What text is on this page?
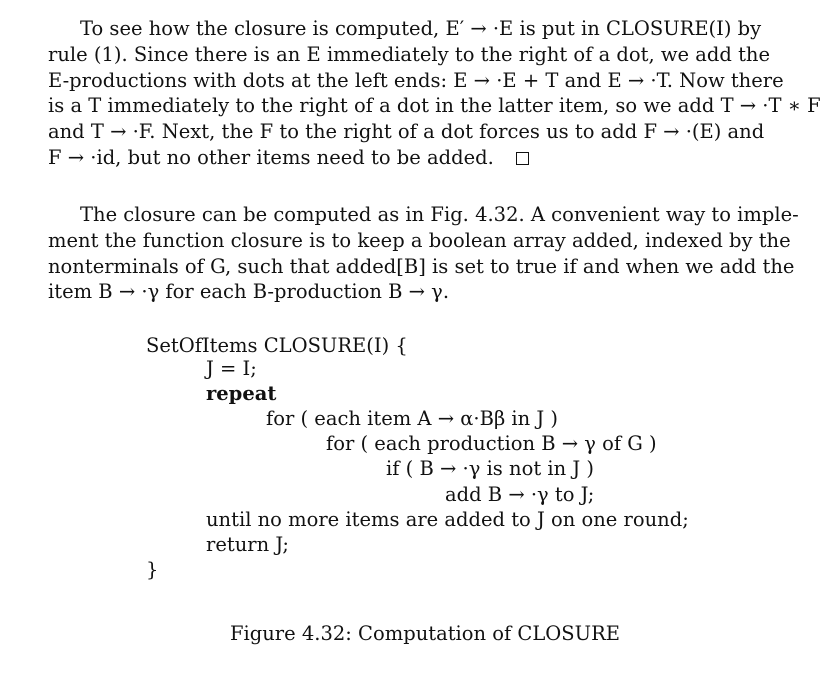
To see how the closure is computed, E′ → ·E is put in CLOSURE(I) by
rule (1). Since there is an E immediately to the right of a dot, we add the
E-productions with dots at the left ends: E → ·E + T and E → ·T. Now there
is a T immediately to the right of a dot in the latter item, so we add T → ·T ∗ F
and T → ·F. Next, the F to the right of a dot forces us to add F → ·(E) and
F → ·id, but no other items need to be added.
The closure can be computed as in Fig. 4.32. A convenient way to imple-
ment the function closure is to keep a boolean array added, indexed by the
nonterminals of G, such that added[B] is set to true if and when we add the
item B → ·γ for each B-production B → γ.
SetOfItems CLOSURE(I) {
J = I;
repeat
for ( each item A → α·Bβ in J )
for ( each production B → γ of G )
if ( B → ·γ is not in J )
add B → ·γ to J;
until no more items are added to J on one round;
return J;
}
Figure 4.32: Computation of CLOSURE
